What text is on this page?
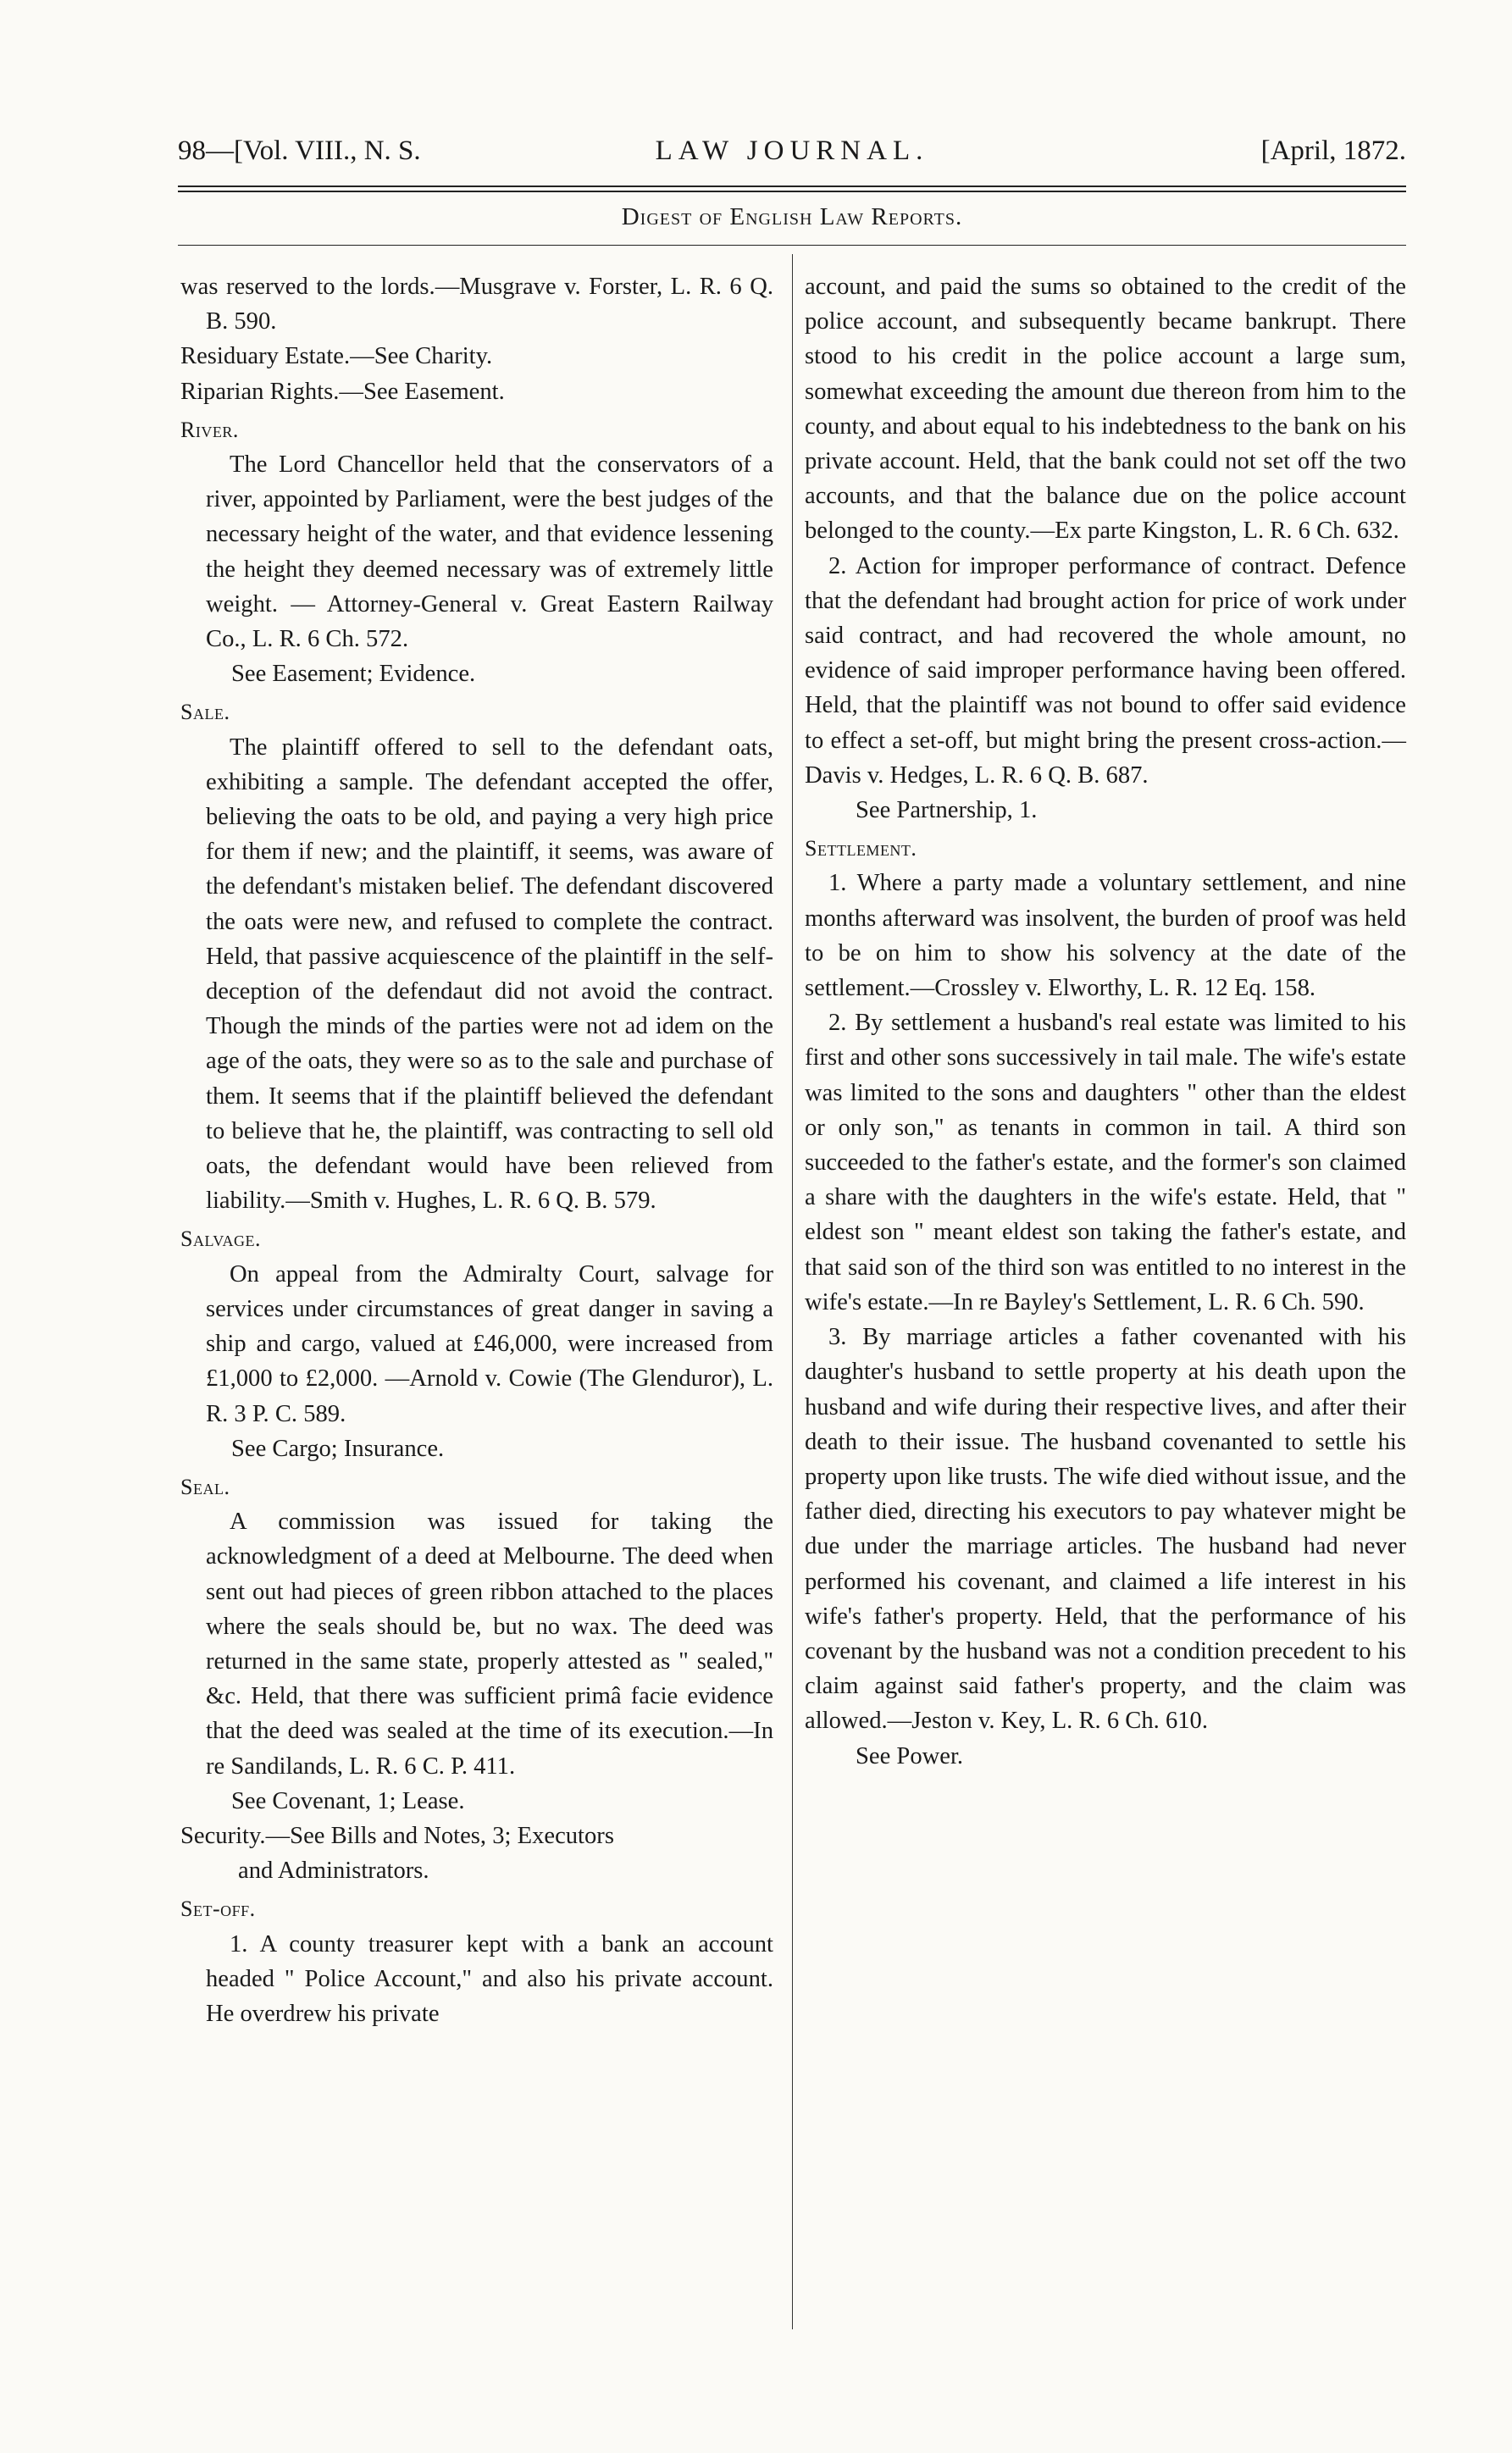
98—[Vol. VIII., N. S.	LAW JOURNAL.	[April, 1872.
Digest of English Law Reports.

was reserved to the lords.—Musgrave v. Forster, L. R. 6 Q. B. 590.

Residuary Estate.—See Charity.

Riparian Rights.—See Easement.

River.

The Lord Chancellor held that the conservators of a river, appointed by Parliament, were the best judges of the necessary height of the water, and that evidence lessening the height they deemed necessary was of extremely little weight. — Attorney-General v. Great Eastern Railway Co., L. R. 6 Ch. 572.

See Easement; Evidence.

Sale.

The plaintiff offered to sell to the defendant oats, exhibiting a sample. The defendant accepted the offer, believing the oats to be old, and paying a very high price for them if new; and the plaintiff, it seems, was aware of the defendant's mistaken belief. The defendant discovered the oats were new, and refused to complete the contract. Held, that passive acquiescence of the plaintiff in the self-deception of the defendaut did not avoid the contract. Though the minds of the parties were not ad idem on the age of the oats, they were so as to the sale and purchase of them. It seems that if the plaintiff believed the defendant to believe that he, the plaintiff, was contracting to sell old oats, the defendant would have been relieved from liability.—Smith v. Hughes, L. R. 6 Q. B. 579.

Salvage.

On appeal from the Admiralty Court, salvage for services under circumstances of great danger in saving a ship and cargo, valued at £46,000, were increased from £1,000 to £2,000. —Arnold v. Cowie (The Glenduror), L. R. 3 P. C. 589.

See Cargo; Insurance.

Seal.

A commission was issued for taking the acknowledgment of a deed at Melbourne. The deed when sent out had pieces of green ribbon attached to the places where the seals should be, but no wax. The deed was returned in the same state, properly attested as " sealed," &c. Held, that there was sufficient primâ facie evidence that the deed was sealed at the time of its execution.—In re Sandilands, L. R. 6 C. P. 411.

See Covenant, 1; Lease.

Security.—See Bills and Notes, 3; Executors

and Administrators.

Set-off.

1. A county treasurer kept with a bank an account headed " Police Account," and also his private account. He overdrew his private

account, and paid the sums so obtained to the credit of the police account, and subsequently became bankrupt. There stood to his credit in the police account a large sum, somewhat exceeding the amount due thereon from him to the county, and about equal to his indebtedness to the bank on his private account. Held, that the bank could not set off the two accounts, and that the balance due on the police account belonged to the county.—Ex parte Kingston, L. R. 6 Ch. 632.

2. Action for improper performance of contract. Defence that the defendant had brought action for price of work under said contract, and had recovered the whole amount, no evidence of said improper performance having been offered. Held, that the plaintiff was not bound to offer said evidence to effect a set-off, but might bring the present cross-action.—Davis v. Hedges, L. R. 6 Q. B. 687.

See Partnership, 1.

Settlement.

1. Where a party made a voluntary settlement, and nine months afterward was insolvent, the burden of proof was held to be on him to show his solvency at the date of the settlement.—Crossley v. Elworthy, L. R. 12 Eq. 158.

2. By settlement a husband's real estate was limited to his first and other sons successively in tail male. The wife's estate was limited to the sons and daughters " other than the eldest or only son," as tenants in common in tail. A third son succeeded to the father's estate, and the former's son claimed a share with the daughters in the wife's estate. Held, that " eldest son " meant eldest son taking the father's estate, and that said son of the third son was entitled to no interest in the wife's estate.—In re Bayley's Settlement, L. R. 6 Ch. 590.

3. By marriage articles a father covenanted with his daughter's husband to settle property at his death upon the husband and wife during their respective lives, and after their death to their issue. The husband covenanted to settle his property upon like trusts. The wife died without issue, and the father died, directing his executors to pay whatever might be due under the marriage articles. The husband had never performed his covenant, and claimed a life interest in his wife's father's property. Held, that the performance of his covenant by the husband was not a condition precedent to his claim against said father's property, and the claim was allowed.—Jeston v. Key, L. R. 6 Ch. 610.

See Power.
